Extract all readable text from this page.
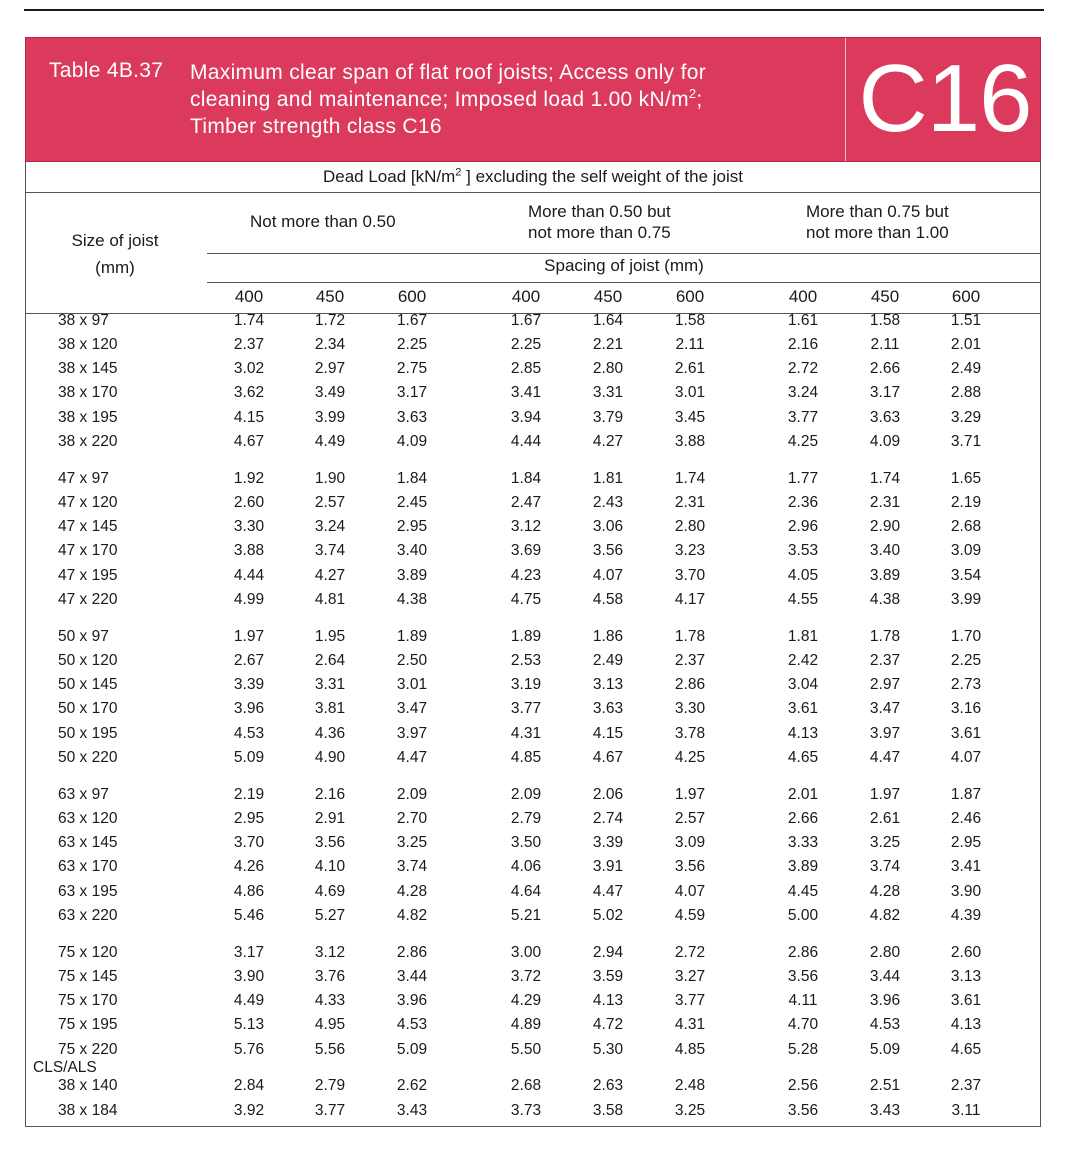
Table 4B.37 Maximum clear span of flat roof joists; Access only for
cleaning and maintenance; Imposed load 1.00 $kN/m^2$;
Timber strength class C16	C16
Dead Load [$kN/m^2$ ] excluding the self weight of the joist
Size of joist
(mm)
Not more than 0.50
More than 0.50 but
not more than 0.75
More than 0.75 but
not more than 1.00
Spacing of joist (mm)
400	450	600	400	450	600	400	450	600
CLS/ALS
38 x 97	1.74	1.72	1.67	1.67	1.64	1.58	1.61	1.58	1.51
38 x 120	2.37	2.34	2.25	2.25	2.21	2.11	2.16	2.11	2.01
38 x 145	3.02	2.97	2.75	2.85	2.80	2.61	2.72	2.66	2.49
38 x 170	3.62	3.49	3.17	3.41	3.31	3.01	3.24	3.17	2.88
38 x 195	4.15	3.99	3.63	3.94	3.79	3.45	3.77	3.63	3.29
38 x 220	4.67	4.49	4.09	4.44	4.27	3.88	4.25	4.09	3.71
47 x 97	1.92	1.90	1.84	1.84	1.81	1.74	1.77	1.74	1.65
47 x 120	2.60	2.57	2.45	2.47	2.43	2.31	2.36	2.31	2.19
47 x 145	3.30	3.24	2.95	3.12	3.06	2.80	2.96	2.90	2.68
47 x 170	3.88	3.74	3.40	3.69	3.56	3.23	3.53	3.40	3.09
47 x 195	4.44	4.27	3.89	4.23	4.07	3.70	4.05	3.89	3.54
47 x 220	4.99	4.81	4.38	4.75	4.58	4.17	4.55	4.38	3.99
50 x 97	1.97	1.95	1.89	1.89	1.86	1.78	1.81	1.78	1.70
50 x 120	2.67	2.64	2.50	2.53	2.49	2.37	2.42	2.37	2.25
50 x 145	3.39	3.31	3.01	3.19	3.13	2.86	3.04	2.97	2.73
50 x 170	3.96	3.81	3.47	3.77	3.63	3.30	3.61	3.47	3.16
50 x 195	4.53	4.36	3.97	4.31	4.15	3.78	4.13	3.97	3.61
50 x 220	5.09	4.90	4.47	4.85	4.67	4.25	4.65	4.47	4.07
63 x 97	2.19	2.16	2.09	2.09	2.06	1.97	2.01	1.97	1.87
63 x 120	2.95	2.91	2.70	2.79	2.74	2.57	2.66	2.61	2.46
63 x 145	3.70	3.56	3.25	3.50	3.39	3.09	3.33	3.25	2.95
63 x 170	4.26	4.10	3.74	4.06	3.91	3.56	3.89	3.74	3.41
63 x 195	4.86	4.69	4.28	4.64	4.47	4.07	4.45	4.28	3.90
63 x 220	5.46	5.27	4.82	5.21	5.02	4.59	5.00	4.82	4.39
75 x 120	3.17	3.12	2.86	3.00	2.94	2.72	2.86	2.80	2.60
75 x 145	3.90	3.76	3.44	3.72	3.59	3.27	3.56	3.44	3.13
75 x 170	4.49	4.33	3.96	4.29	4.13	3.77	4.11	3.96	3.61
75 x 195	5.13	4.95	4.53	4.89	4.72	4.31	4.70	4.53	4.13
75 x 220	5.76	5.56	5.09	5.50	5.30	4.85	5.28	5.09	4.65
38 x 140	2.84	2.79	2.62	2.68	2.63	2.48	2.56	2.51	2.37
38 x 184	3.92	3.77	3.43	3.73	3.58	3.25	3.56	3.43	3.11
